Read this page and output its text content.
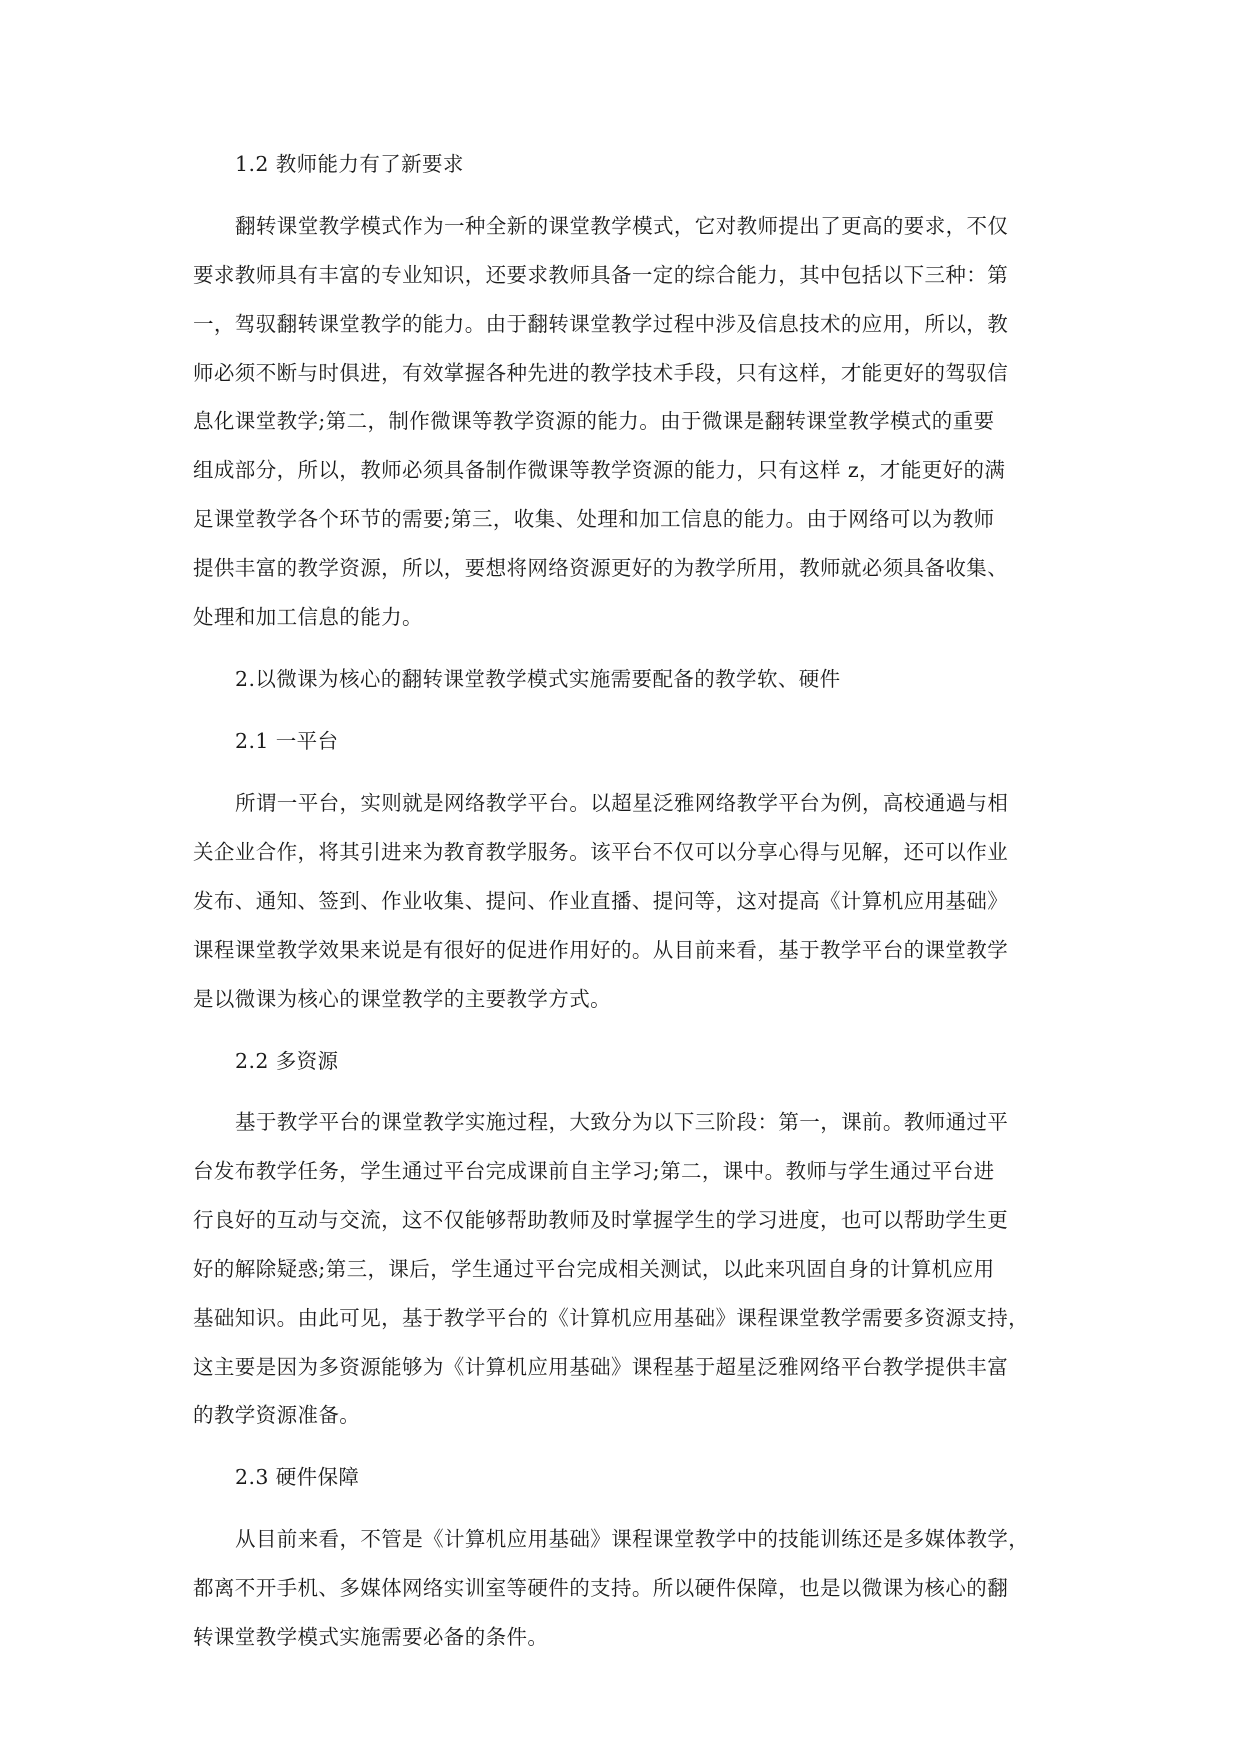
1.2 教师能力有了新要求
翻转课堂教学模式作为一种全新的课堂教学模式，它对教师提出了更高的要求，不仅
要求教师具有丰富的专业知识，还要求教师具备一定的综合能力，其中包括以下三种：第
一，驾驭翻转课堂教学的能力。由于翻转课堂教学过程中涉及信息技术的应用，所以，教
师必须不断与时俱进，有效掌握各种先进的教学技术手段，只有这样，才能更好的驾驭信
息化课堂教学;第二，制作微课等教学资源的能力。由于微课是翻转课堂教学模式的重要
组成部分，所以，教师必须具备制作微课等教学资源的能力，只有这样 z，才能更好的满
足课堂教学各个环节的需要;第三，收集、处理和加工信息的能力。由于网络可以为教师
提供丰富的教学资源，所以，要想将网络资源更好的为教学所用，教师就必须具备收集、
处理和加工信息的能力。
2.以微课为核心的翻转课堂教学模式实施需要配备的教学软、硬件
2.1 一平台
所谓一平台，实则就是网络教学平台。以超星泛雅网络教学平台为例，高校通過与相
关企业合作，将其引进来为教育教学服务。该平台不仅可以分享心得与见解，还可以作业
发布、通知、签到、作业收集、提问、作业直播、提问等，这对提高《计算机应用基础》
课程课堂教学效果来说是有很好的促进作用好的。从目前来看，基于教学平台的课堂教学
是以微课为核心的课堂教学的主要教学方式。
2.2 多资源
基于教学平台的课堂教学实施过程，大致分为以下三阶段：第一，课前。教师通过平
台发布教学任务，学生通过平台完成课前自主学习;第二，课中。教师与学生通过平台进
行良好的互动与交流，这不仅能够帮助教师及时掌握学生的学习进度，也可以帮助学生更
好的解除疑惑;第三，课后，学生通过平台完成相关测试，以此来巩固自身的计算机应用
基础知识。由此可见，基于教学平台的《计算机应用基础》课程课堂教学需要多资源支持，
这主要是因为多资源能够为《计算机应用基础》课程基于超星泛雅网络平台教学提供丰富
的教学资源准备。
2.3 硬件保障
从目前来看，不管是《计算机应用基础》课程课堂教学中的技能训练还是多媒体教学，
都离不开手机、多媒体网络实训室等硬件的支持。所以硬件保障，也是以微课为核心的翻
转课堂教学模式实施需要必备的条件。
